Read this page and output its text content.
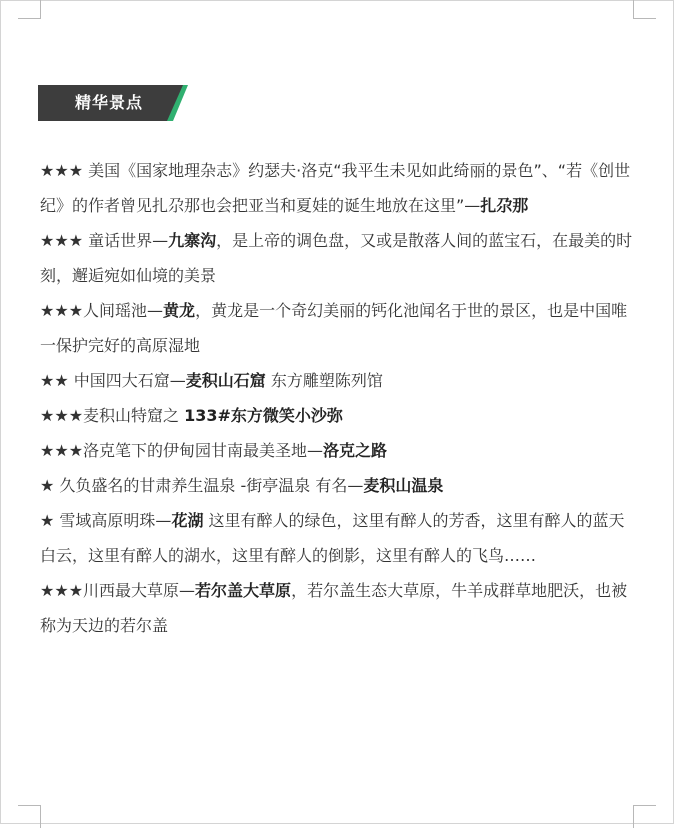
精华景点

★★★ 美国《国家地理杂志》约瑟夫·洛克“我平生未见如此绮丽的景色”、“若《创世纪》的作者曾见扎尕那也会把亚当和夏娃的诞生地放在这里”—扎尕那

★★★ 童话世界—九寨沟，是上帝的调色盘，又或是散落人间的蓝宝石，在最美的时刻，邂逅宛如仙境的美景

★★★人间瑶池—黄龙，黄龙是一个奇幻美丽的钙化池闻名于世的景区，也是中国唯一保护完好的高原湿地

★★ 中国四大石窟—麦积山石窟 东方雕塑陈列馆

★★★麦积山特窟之 133#东方微笑小沙弥

★★★洛克笔下的伊甸园甘南最美圣地—洛克之路

★ 久负盛名的甘肃养生温泉 -街亭温泉 有名—麦积山温泉

★ 雪域高原明珠—花湖 这里有醉人的绿色，这里有醉人的芳香，这里有醉人的蓝天白云，这里有醉人的湖水，这里有醉人的倒影，这里有醉人的飞鸟……

★★★川西最大草原—若尔盖大草原，若尔盖生态大草原，牛羊成群草地肥沃，也被称为天边的若尔盖
